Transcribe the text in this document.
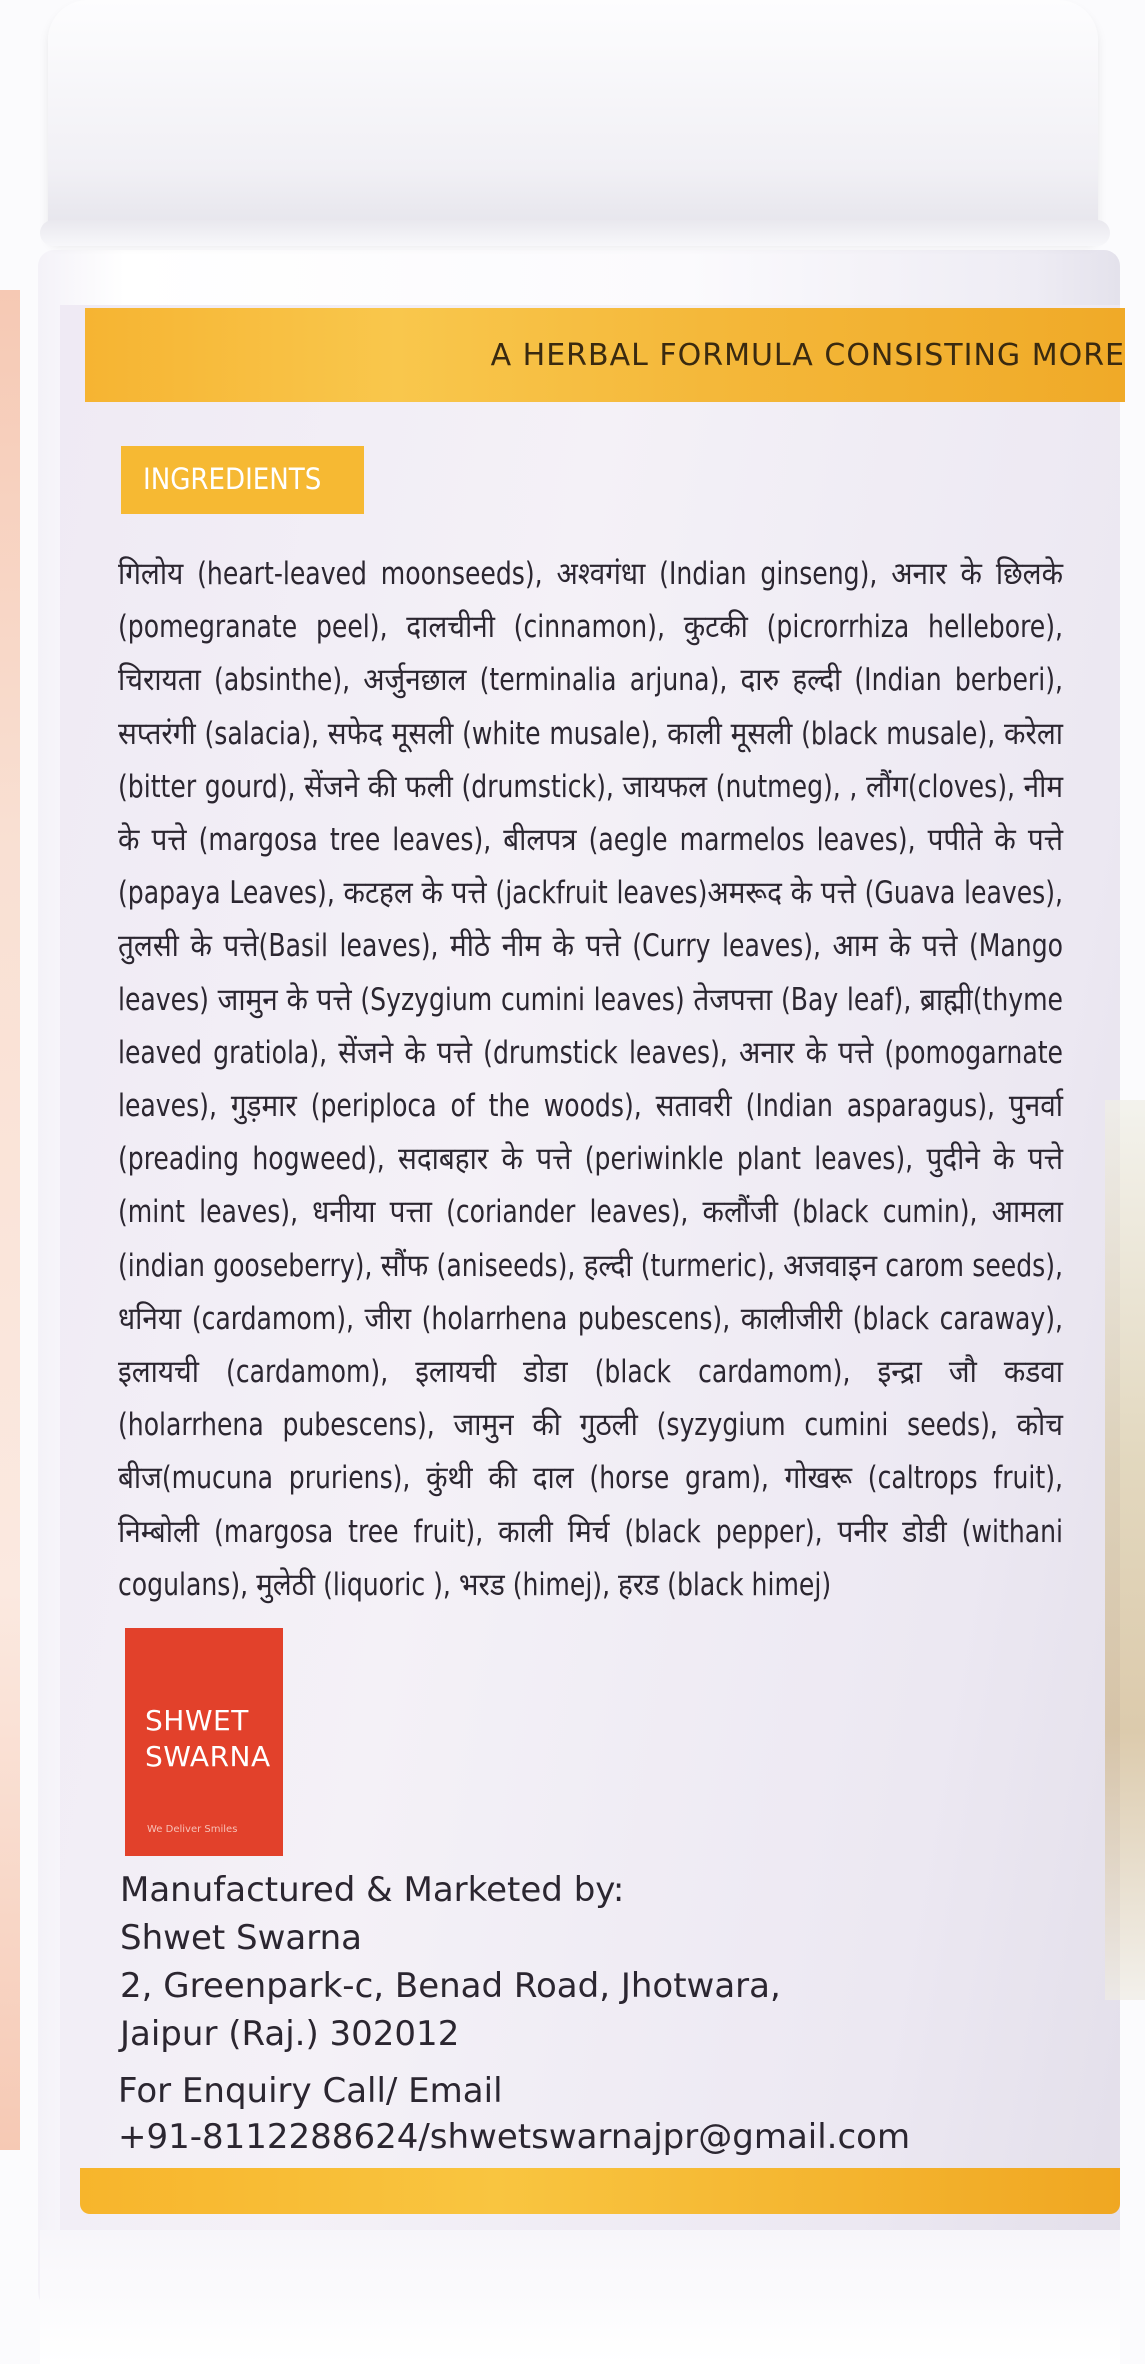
A HERBAL FORMULA CONSISTING MORE
INGREDIENTS
गिलोय (heart-leaved moonseeds), अश्वगंधा (Indian ginseng), अनार के छिलके (pomegranate peel), दालचीनी (cinnamon), कुटकी (picrorrhiza hellebore), चिरायता (absinthe), अर्जुनछाल (terminalia arjuna), दारु हल्दी (Indian berberi), सप्तरंगी (salacia), सफेद मूसली (white musale), काली मूसली (black musale), करेला (bitter gourd), सेंजने की फली (drumstick), जायफल (nutmeg), , लौंग(cloves), नीम के पत्ते (margosa tree leaves), बीलपत्र (aegle marmelos leaves), पपीते के पत्ते (papaya Leaves), कटहल के पत्ते (jackfruit leaves)अमरूद के पत्ते (Guava leaves), तुलसी के पत्ते(Basil leaves), मीठे नीम के पत्ते (Curry leaves), आम के पत्ते (Mango leaves) जामुन के पत्ते (Syzygium cumini leaves) तेजपत्ता (Bay leaf), ब्राह्मी(thyme leaved gratiola), सेंजने के पत्ते (drumstick leaves), अनार के पत्ते (pomogarnate leaves), गुड़मार (periploca of the woods), सतावरी (Indian asparagus), पुनर्वा (preading hogweed), सदाबहार के पत्ते (periwinkle plant leaves), पुदीने के पत्ते (mint leaves), धनीया पत्ता (coriander leaves), कलौंजी (black cumin), आमला (indian gooseberry), सौंफ (aniseeds), हल्दी (turmeric), अजवाइन carom seeds), धनिया (cardamom), जीरा (holarrhena pubescens), कालीजीरी (black caraway), इलायची (cardamom), इलायची डोडा (black cardamom), इन्द्रा जौ कडवा (holarrhena pubescens), जामुन की गुठली (syzygium cumini seeds), कोच बीज(mucuna pruriens), कुंथी की दाल (horse gram), गोखरू (caltrops fruit), निम्बोली (margosa tree fruit), काली मिर्च (black pepper), पनीर डोडी (withani cogulans), मुलेठी (liquoric ), भरड (himej), हरड (black himej)
SHWET
SWARNA
We Deliver Smiles
Manufactured & Marketed by:
Shwet Swarna
2, Greenpark-c, Benad Road, Jhotwara,
Jaipur (Raj.) 302012
For Enquiry Call/ Email
+91-8112288624/shwetswarnajpr@gmail.com
